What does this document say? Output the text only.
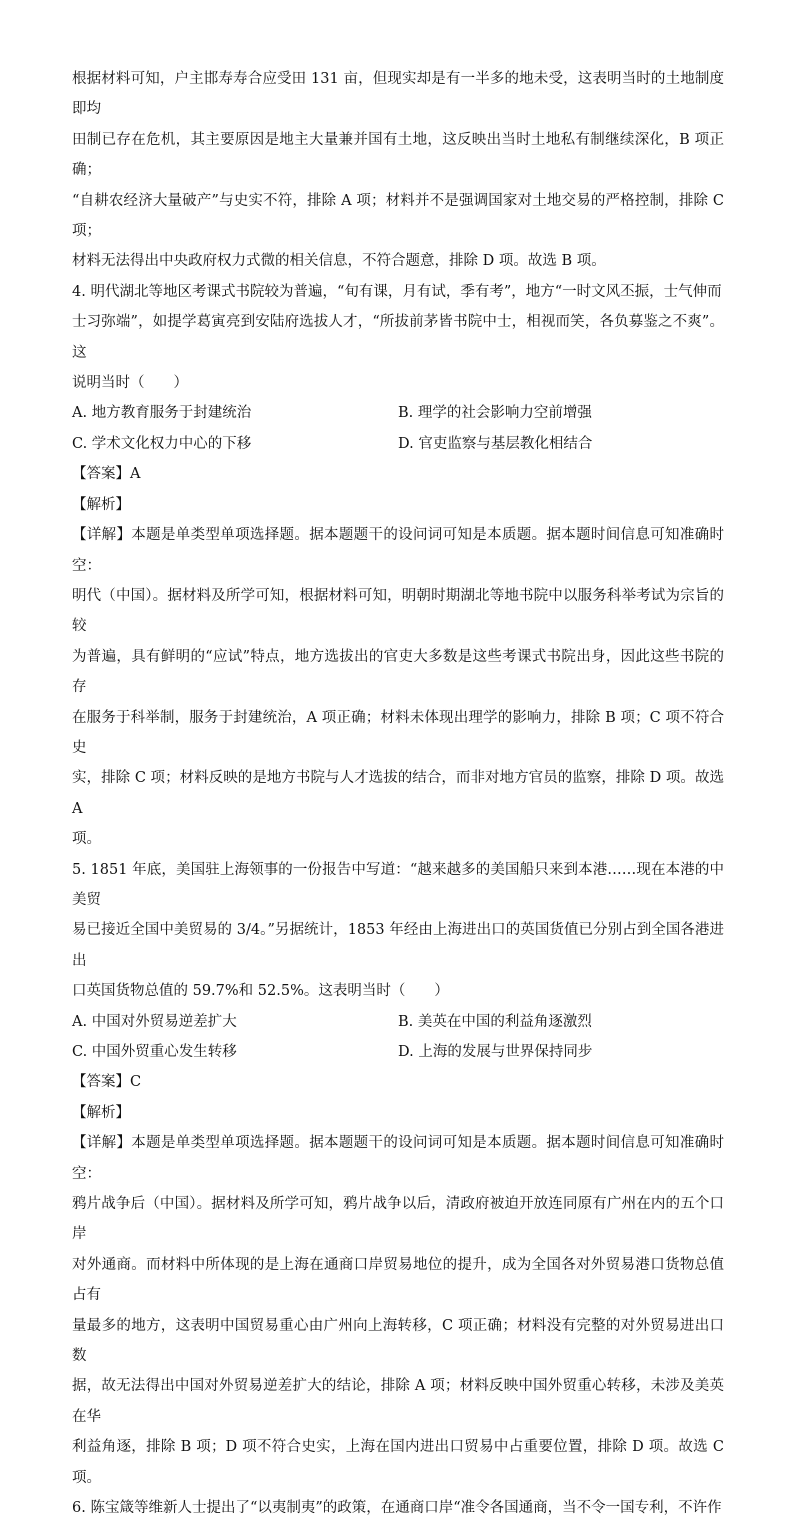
根据材料可知，户主邯寿寿合应受田 131 亩，但现实却是有一半多的地未受，这表明当时的土地制度即均

田制已存在危机，其主要原因是地主大量兼并国有土地，这反映出当时土地私有制继续深化，B 项正确；

“自耕农经济大量破产”与史实不符，排除 A 项；材料并不是强调国家对土地交易的严格控制，排除 C 项；

材料无法得出中央政府权力式微的相关信息，不符合题意，排除 D 项。故选 B 项。

4. 明代湖北等地区考课式书院较为普遍，“旬有课，月有试，季有考”，地方“一时文风丕振，士气伸而

士习弥端”，如提学葛寅亮到安陆府选拔人才，“所拔前茅皆书院中士，相视而笑，各负募鉴之不爽”。这

说明当时（　　）

A. 地方教育服务于封建统治	B. 理学的社会影响力空前增强
C. 学术文化权力中心的下移	D. 官吏监察与基层教化相结合
【答案】A
【解析】

【详解】本题是单类型单项选择题。据本题题干的设问词可知是本质题。据本题时间信息可知准确时空：

明代（中国）。据材料及所学可知，根据材料可知，明朝时期湖北等地书院中以服务科举考试为宗旨的较

为普遍，具有鲜明的“应试”特点，地方选拔出的官吏大多数是这些考课式书院出身，因此这些书院的存

在服务于科举制，服务于封建统治，A 项正确；材料未体现出理学的影响力，排除 B 项；C 项不符合史

实，排除 C 项；材料反映的是地方书院与人才选拔的结合，而非对地方官员的监察，排除 D 项。故选 A

项。

5. 1851 年底，美国驻上海领事的一份报告中写道：“越来越多的美国船只来到本港……现在本港的中美贸

易已接近全国中美贸易的 3/4。”另据统计，1853 年经由上海进出口的英国货值已分别占到全国各港进出

口英国货物总值的 59.7%和 52.5%。这表明当时（　　）

A. 中国对外贸易逆差扩大	B. 美英在中国的利益角逐激烈
C. 中国外贸重心发生转移	D. 上海的发展与世界保持同步
【答案】C
【解析】

【详解】本题是单类型单项选择题。据本题题干的设问词可知是本质题。据本题时间信息可知准确时空：

鸦片战争后（中国）。据材料及所学可知，鸦片战争以后，清政府被迫开放连同原有广州在内的五个口岸

对外通商。而材料中所体现的是上海在通商口岸贸易地位的提升，成为全国各对外贸易港口货物总值占有

量最多的地方，这表明中国贸易重心由广州向上海转移，C 项正确；材料没有完整的对外贸易进出口数

据，故无法得出中国对外贸易逆差扩大的结论，排除 A 项；材料反映中国外贸重心转移，未涉及美英在华

利益角逐，排除 B 项；D 项不符合史实，上海在国内进出口贸易中占重要位置，排除 D 项。故选 C 项。

6. 陈宝箴等维新人士提出了“以夷制夷”的政策，在通商口岸“准令各国通商，当不令一国专利，不许作
